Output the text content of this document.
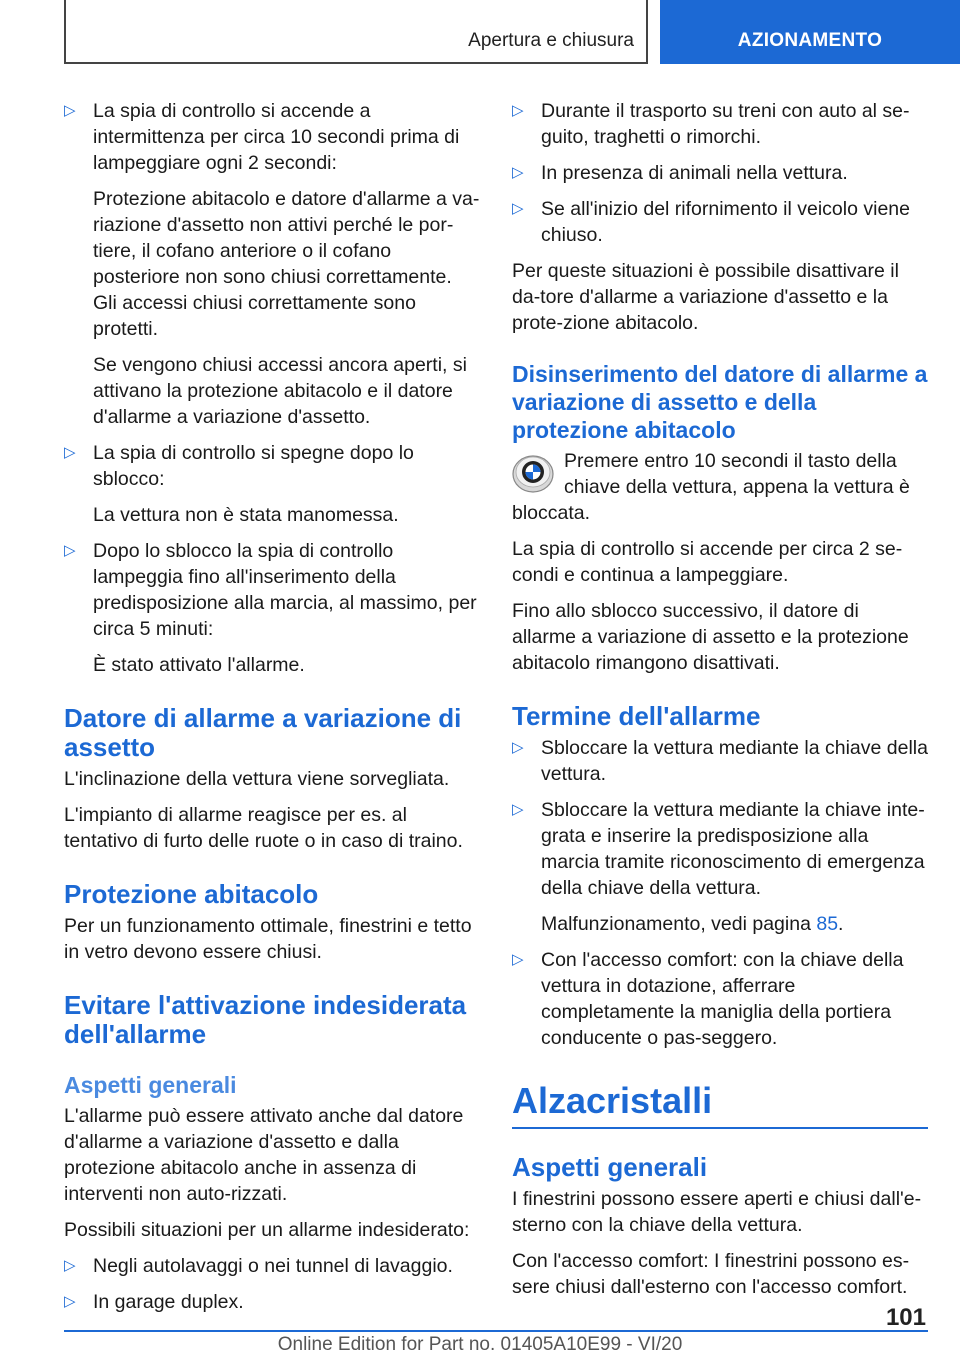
Apertura e chiusura	AZIONAMENTO
▷ La spia di controllo si accende a intermittenza per circa 10 secondi prima di lampeggiare ogni 2 secondi:

Protezione abitacolo e datore d'allarme a va-riazione d'assetto non attivi perché le por-tiere, il cofano anteriore o il cofano posteriore non sono chiusi correttamente. Gli accessi chiusi correttamente sono protetti.

Se vengono chiusi accessi ancora aperti, si attivano la protezione abitacolo e il datore d'allarme a variazione d'assetto.

▷ La spia di controllo si spegne dopo lo sblocco:

La vettura non è stata manomessa.

▷ Dopo lo sblocco la spia di controllo lampeggia fino all'inserimento della predisposizione alla marcia, al massimo, per circa 5 minuti:

È stato attivato l'allarme.

Datore di allarme a variazione di assetto

L'inclinazione della vettura viene sorvegliata.

L'impianto di allarme reagisce per es. al tentativo di furto delle ruote o in caso di traino.

Protezione abitacolo

Per un funzionamento ottimale, finestrini e tetto in vetro devono essere chiusi.

Evitare l'attivazione indesiderata dell'allarme
Aspetti generali

L'allarme può essere attivato anche dal datore d'allarme a variazione d'assetto e dalla protezione abitacolo anche in assenza di interventi non auto-rizzati.

Possibili situazioni per un allarme indesiderato:

▷ Negli autolavaggi o nei tunnel di lavaggio.

▷ In garage duplex.

▷ Durante il trasporto su treni con auto al se-guito, traghetti o rimorchi.

▷ In presenza di animali nella vettura.

▷ Se all'inizio del rifornimento il veicolo viene chiuso.

Per queste situazioni è possibile disattivare il da-tore d'allarme a variazione d'assetto e la prote-zione abitacolo.

Disinserimento del datore di allarme a variazione di assetto e della protezione abitacolo

Premere entro 10 secondi il tasto della chiave della vettura, appena la vettura è bloccata.

La spia di controllo si accende per circa 2 se-condi e continua a lampeggiare.

Fino allo sblocco successivo, il datore di allarme a variazione di assetto e la protezione abitacolo rimangono disattivati.

Termine dell'allarme
▷ Sbloccare la vettura mediante la chiave della vettura.

▷ Sbloccare la vettura mediante la chiave inte-grata e inserire la predisposizione alla marcia tramite riconoscimento di emergenza della chiave della vettura.

Malfunzionamento, vedi pagina 85.

▷ Con l'accesso comfort: con la chiave della vettura in dotazione, afferrare completamente la maniglia della portiera conducente o pas-seggero.

Alzacristalli
Aspetti generali

I finestrini possono essere aperti e chiusi dall'e-sterno con la chiave della vettura.

Con l'accesso comfort: I finestrini possono es-sere chiusi dall'esterno con l'accesso comfort.

101
Online Edition for Part no. 01405A10E99 - VI/20
